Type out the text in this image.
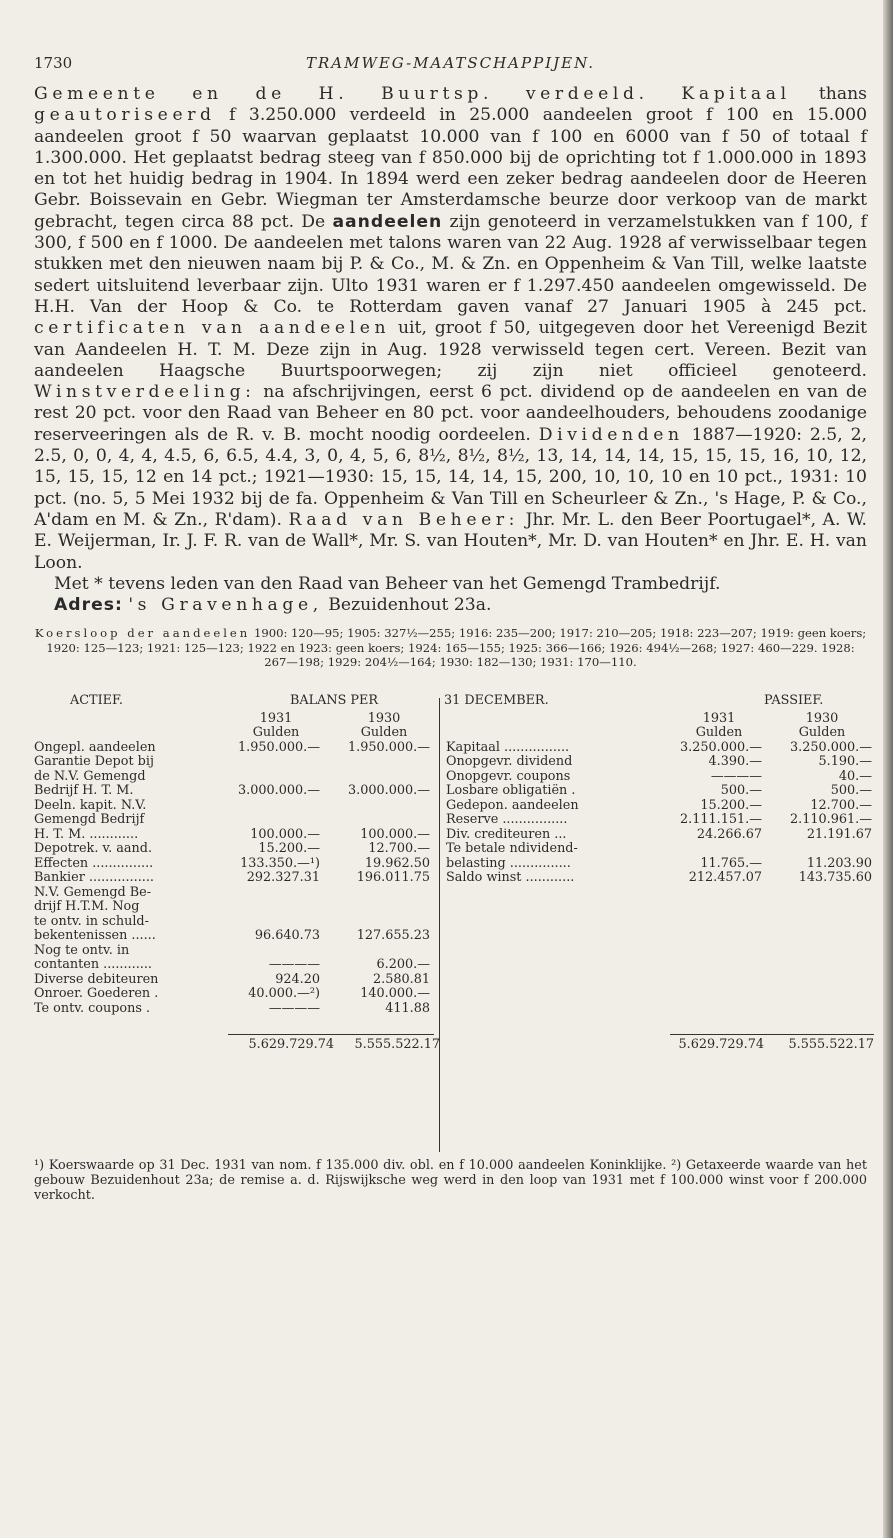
1730	TRAMWEG-MAATSCHAPPIJEN.

Gemeente en de H. Buurtsp. verdeeld. Kapitaal thans geautoriseerd f 3.250.000 verdeeld in 25.000 aandeelen groot f 100 en 15.000 aandeelen groot f 50 waarvan geplaatst 10.000 van f 100 en 6000 van f 50 of totaal f 1.300.000. Het geplaatst bedrag steeg van f 850.000 bij de oprichting tot f 1.000.000 in 1893 en tot het huidig bedrag in 1904. In 1894 werd een zeker bedrag aandeelen door de Heeren Gebr. Boissevain en Gebr. Wiegman ter Amsterdamsche beurze door verkoop van de markt gebracht, tegen circa 88 pct. De aandeelen zijn genoteerd in verzamelstukken van f 100, f 300, f 500 en f 1000. De aandeelen met talons waren van 22 Aug. 1928 af verwisselbaar tegen stukken met den nieuwen naam bij P. & Co., M. & Zn. en Oppenheim & Van Till, welke laatste sedert uitsluitend leverbaar zijn. Ulto 1931 waren er f 1.297.450 aandeelen omgewisseld. De H.H. Van der Hoop & Co. te Rotterdam gaven vanaf 27 Januari 1905 à 245 pct. certificaten van aandeelen uit, groot f 50, uitgegeven door het Vereenigd Bezit van Aandeelen H. T. M. Deze zijn in Aug. 1928 verwisseld tegen cert. Vereen. Bezit van aandeelen Haagsche Buurtspoorwegen; zij zijn niet officieel genoteerd. Winstverdeeling: na afschrijvingen, eerst 6 pct. dividend op de aandeelen en van de rest 20 pct. voor den Raad van Beheer en 80 pct. voor aandeelhouders, behoudens zoodanige reserveeringen als de R. v. B. mocht noodig oordeelen. Dividenden 1887—1920: 2.5, 2, 2.5, 0, 0, 4, 4, 4.5, 6, 6.5, 4.4, 3, 0, 4, 5, 6, 8½, 8½, 8½, 13, 14, 14, 14, 15, 15, 15, 16, 10, 12, 15, 15, 15, 12 en 14 pct.; 1921—1930: 15, 15, 14, 14, 15, 200, 10, 10, 10 en 10 pct., 1931: 10 pct. (no. 5, 5 Mei 1932 bij de fa. Oppenheim & Van Till en Scheurleer & Zn., 's Hage, P. & Co., A'dam en M. & Zn., R'dam). Raad van Beheer: Jhr. Mr. L. den Beer Poortugael*, A. W. E. Weijerman, Ir. J. F. R. van de Wall*, Mr. S. van Houten*, Mr. D. van Houten* en Jhr. E. H. van Loon.

Met * tevens leden van den Raad van Beheer van het Gemengd Trambedrijf.

Adres: 's Gravenhage, Bezuidenhout 23a.

Koersloop der aandeelen 1900: 120—95; 1905: 327½—255; 1916: 235—200; 1917: 210—205; 1918: 223—207; 1919: geen koers; 1920: 125—123; 1921: 125—123; 1922 en 1923: geen koers; 1924: 165—155; 1925: 366—166; 1926: 494½—268; 1927: 460—229. 1928: 267—198; 1929: 204½—164; 1930: 182—130; 1931: 170—110.
ACTIEF.	BALANS PER	31 DECEMBER.	PASSIEF.
1931	1930
Gulden	Gulden
1931	1930
Gulden	Gulden
Ongepl. aandeelen	1.950.000.—	1.950.000.—
Garantie Depot bij
de N.V. Gemengd
Bedrijf H. T. M.	3.000.000.—	3.000.000.—
Deeln. kapit. N.V.
Gemengd Bedrijf
H. T. M. ............	100.000.—	100.000.—
Depotrek. v. aand.	15.200.—	12.700.—
Effecten ...............	133.350.—¹)	19.962.50
Bankier ................	292.327.31	196.011.75
N.V. Gemengd Be-
drijf H.T.M. Nog
te ontv. in schuld-
bekentenissen ......	96.640.73	127.655.23
Nog te ontv. in
contanten ............	————	6.200.—
Diverse debiteuren	924.20	2.580.81
Onroer. Goederen .	40.000.—²)	140.000.—
Te ontv. coupons .	————	411.88
Kapitaal ................	3.250.000.—	3.250.000.—
Onopgevr. dividend	4.390.—	5.190.—
Onopgevr. coupons	————	40.—
Losbare obligatiën .	500.—	500.—
Gedepon. aandeelen	15.200.—	12.700.—
Reserve ................	2.111.151.—	2.110.961.—
Div. crediteuren ...	24.266.67	21.191.67
Te betale ndividend-
belasting ...............	11.765.—	11.203.90
Saldo winst ............	212.457.07	143.735.60
5.629.729.74	5.555.522.17	5.629.729.74	5.555.522.17
¹) Koerswaarde op 31 Dec. 1931 van nom. f 135.000 div. obl. en f 10.000 aandeelen Koninklijke. ²) Getaxeerde waarde van het gebouw Bezuidenhout 23a; de remise a. d. Rijswijksche weg werd in den loop van 1931 met f 100.000 winst voor f 200.000 verkocht.
